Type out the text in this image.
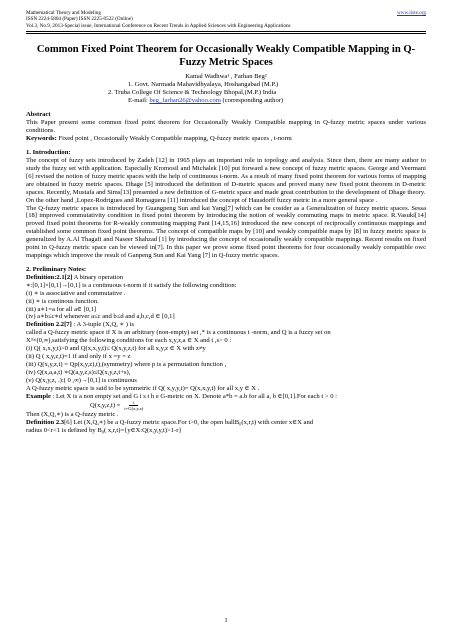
Mathematical Theory and Modeling	www.iiste.org
ISSN 2224-5804 (Paper) ISSN 2225-0522 (Online)
Vol.3, No.9, 2013-Special issue, International Conference on Recent Trends in Applied Sciences with Engineering Applications
Common Fixed Point Theorem for Occasionally Weakly Compatible Mapping in Q-Fuzzy Metric Spaces
Kamal Wadhwa¹ , Farhan Beg²
1. Govt. Narmada Mahavidhyalaya, Hoshangabad (M.P.)
2. Truba College Of Science & Technology Bhopal,(M.P.) India
E-mail: beg_farhan26@yahoo.com (corresponding author)
Abstract

This Paper present some common fixed point theorem for Occasionally Weakly Compatible mapping in Q-fuzzy metric spaces under various conditions.

Keywords: Fixed point , Occasionally Weakly Compatible mapping, Q-fuzzy metric spaces , t-norm

1. Introduction:

The concept of fuzzy sets introduced by Zadeh [12] in 1965 plays an important role in topology and analysis. Since then, there are many author to study the fuzzy set with application. Especially Kromosil and Michalek [10] put forward a new concept of fuzzy metric spaces. George and Veermani [6] revised the notion of fuzzy metric spaces with the help of continuous t-norm. As a result of many fixed point theorem for various forms of mapping are obtained in fuzzy metric spaces. Dhage [5] introduced the definition of D-metric spaces and proved many new fixed point theorem in D-metric spaces. Recently, Mustafa and Sims[13] presented a new definition of G-metric space and made great contribution to the development of Dhage theory.

On the other hand ,Lopez-Rodrigues and Romaguera [11] introduced the concept of Hausdorff fuzzy metric in a more general space .

The Q-fuzzy metric spaces is introduced by Guangpeng Sun and kai Yang[7] which can be cosider as a Generalization of fuzzy metric spaces. Sessa [18] improved commutativity condition in fixed point theorem by introducing the notion of weakly commuting maps in metric space. R.Vasuki[14] proved fixed point theorems for R-weakly commuting mapping Pant [14,15,16] introduced the new concept of reciprocally continuous mappings and established some common fixed point theorems. The concept of compatible maps by [10] and weakly compatible maps by [8] in fuzzy metric space is generalized by A.Al Thagafi and Naseer Shahzad [1] by introducing the concept of occasionally weakly compatible mappings. Recent results on fixed point in Q-fuzzy metric space can be viewed in[7]. In this paper we prove some fixed point theorems for four occasionally weakly compatible owc mappings which improve the result of Ganpeng Sun and Kai Yang [7] in Q-fuzzy metric spaces.

2. Preliminary Notes:

Definition:2.1[2] A binary operation

∗:[0,1]×[0,1]→[0,1] is a continuous t-norm if it satisfy the following condition:

(i) ∗ is associative and commutative .

(ii) ∗ is continous function.

(iii) a∗1=a for all a∈ [0,1]

(iv) a∗b≤c∗d whenever a≤c and b≤d and a,b,c,d ∈ [0,1]

Definition 2.2[7] : A 3-tuple (X,Q, ∗ ) is

called a Q-fuzzy metric space if X is an arbitrary (non-empty) set ,* is a continuous t -norm, and Q is a fuzzy set on

X³×(0,∞),satisfying the following conditions for each x,y,z,a ∈ X and t ,s> 0 :

(i) Q( x,x,y,t)>0 and Q(x,x,y,t)≤ Q(x,y,z,t) for all x,y,z ∈ X with z≠y

(ii) Q ( x,y,z,t)=1 if and only if x =y = z

(iii) Q(x,y,z,t) = Qp(x,y,z),t),(symmetry) where p is a permutation function ,

(iv) Q(x,a,a,t) ∗Q(a,y,z,s)≤Q(x,y,z,t+s),

(v) Q(x,y,z, .):( 0 ,∞)→[0,1] is continuous

A Q-fuzzy metric space is said to be symmetric if Q( x,y,y,t)= Q(x,x,y,t) for all x,y ∈ X .

Example : Let X is a non empty set and G i s t h e G-metric on X. Denote a*b = a.b for all a, b ∈[0,1].For each t > 0 :

$Q(x,y,z,t) = \frac{t}{t+G(x,y,z)}$

Then (X,Q,∗) is a Q-fuzzy metric .

Definition 2.3[6] Let (X,Q,∗) be a Q-fuzzy metric space.For t>0, the open ballB₀(x,r,t) with center x∈X and

radius 0<r<1 is defined by B₀( x,r,t)={y∈X:Q(x,y,y,t)>1-r}

1
